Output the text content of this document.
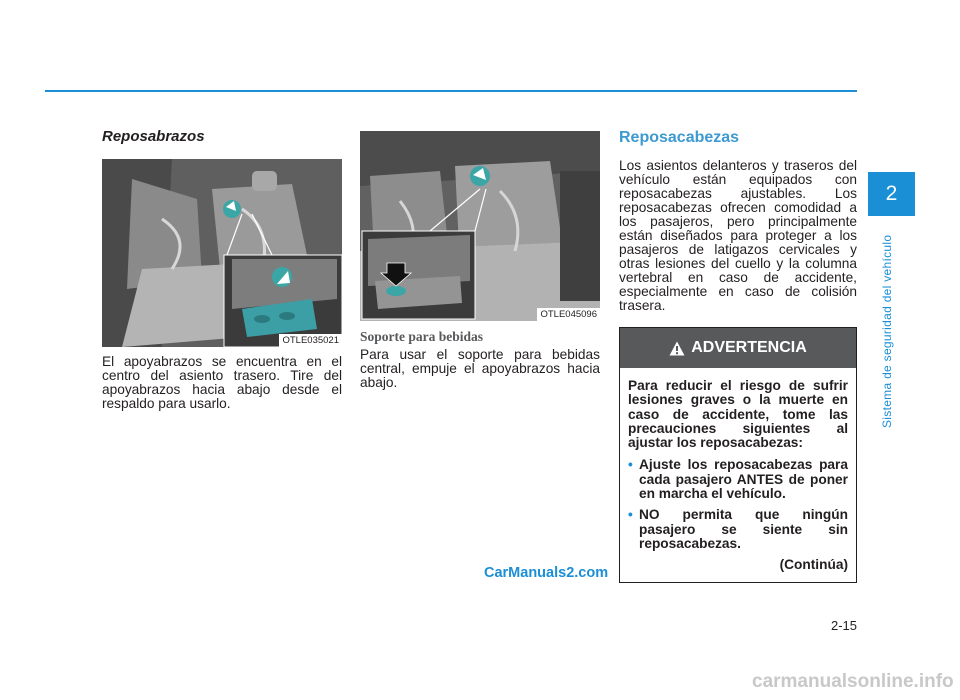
Reposabrazos
OTLE035021

El apoyabrazos se encuentra en el centro del asiento trasero. Tire del apoyabrazos hacia abajo desde el respaldo para usarlo.

OTLE045096
Soporte para bebidas

Para usar el soporte para bebidas central, empuje el apoyabrazos hacia abajo.

Reposacabezas

Los asientos delanteros y traseros del vehículo están equipados con reposacabezas ajustables. Los reposacabezas ofrecen comodidad a los pasajeros, pero principalmente están diseñados para proteger a los pasajeros de latigazos cervicales y otras lesiones del cuello y la columna vertebral en caso de accidente, especialmente en caso de colisión trasera.

ADVERTENCIA
Para reducir el riesgo de sufrir lesiones graves o la muerte en caso de accidente, tome las precauciones siguientes al ajustar los reposacabezas:
• Ajuste los reposacabezas para cada pasajero ANTES de poner en marcha el vehículo.
• NO permita que ningún pasajero se siente sin reposacabezas.
(Continúa)
2
Sistema de seguridad del vehículo
2-15
CarManuals2.com
carmanualsonline.info
